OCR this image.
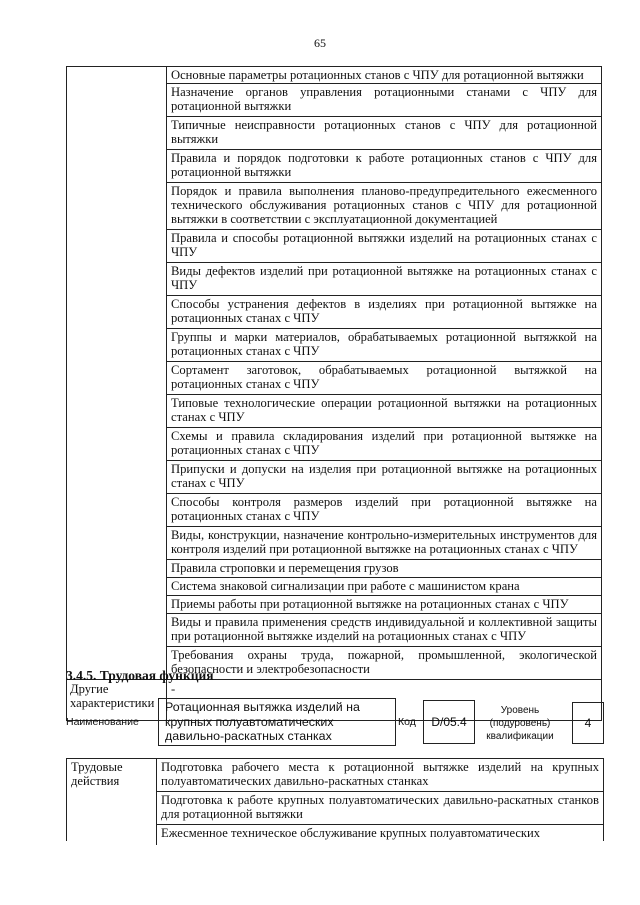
65
Основные параметры ротационных станов с ЧПУ для ротационной вытяжки
Назначение органов управления ротационными станами с ЧПУ для ротационной вытяжки
Типичные неисправности ротационных станов с ЧПУ для ротационной вытяжки
Правила и порядок подготовки к работе ротационных станов с ЧПУ для ротационной вытяжки
Порядок и правила выполнения планово-предупредительного ежесменного технического обслуживания ротационных станов с ЧПУ для ротационной вытяжки в соответствии с эксплуатационной документацией
Правила и способы ротационной вытяжки изделий на ротационных станах с ЧПУ
Виды дефектов изделий при ротационной вытяжке на ротационных станах с ЧПУ
Способы устранения дефектов в изделиях при ротационной вытяжке на ротационных станах с ЧПУ
Группы и марки материалов, обрабатываемых ротационной вытяжкой на ротационных станах с ЧПУ
Сортамент заготовок, обрабатываемых ротационной вытяжкой на ротационных станах с ЧПУ
Типовые технологические операции ротационной вытяжки на ротационных станах с ЧПУ
Схемы и правила складирования изделий при ротационной вытяжке на ротационных станах с ЧПУ
Припуски и допуски на изделия при ротационной вытяжке на ротационных станах с ЧПУ
Способы контроля размеров изделий при ротационной вытяжке на ротационных станах с ЧПУ
Виды, конструкции, назначение контрольно-измерительных инструментов для контроля изделий при ротационной вытяжке на ротационных станах с ЧПУ
Правила строповки и перемещения грузов
Система знаковой сигнализации при работе с машинистом крана
Приемы работы при ротационной вытяжке на ротационных станах с ЧПУ
Виды и правила применения средств индивидуальной и коллективной защиты при ротационной вытяжке изделий на ротационных станах с ЧПУ
Требования охраны труда, пожарной, промышленной, экологической безопасности и электробезопасности
Другие характеристики
-
3.4.5. Трудовая функция
Наименование
Ротационная вытяжка изделий на крупных полуавтоматических давильно-раскатных станках
Код	D/05.4
Уровень (подуровень) квалификации
4
Трудовые действия
Подготовка рабочего места к ротационной вытяжке изделий на крупных полуавтоматических давильно-раскатных станках
Подготовка к работе крупных полуавтоматических давильно-раскатных станков для ротационной вытяжки
Ежесменное техническое обслуживание крупных полуавтоматических
